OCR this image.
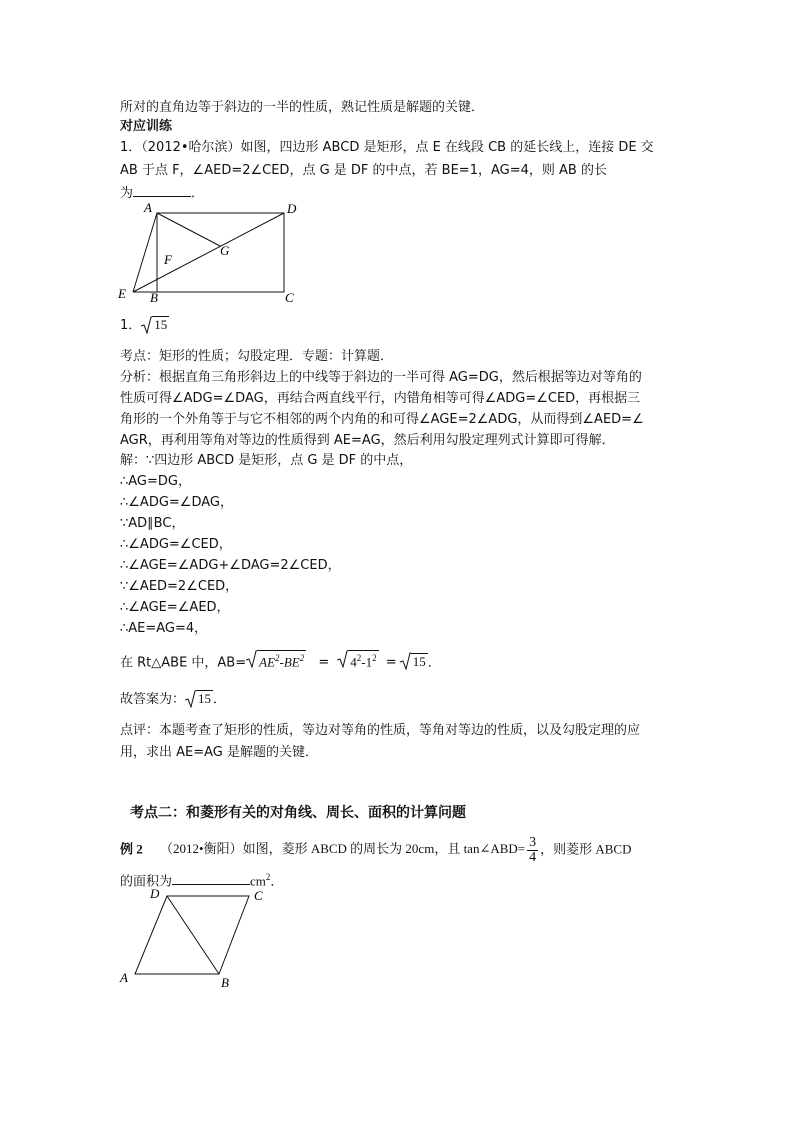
所对的直角边等于斜边的一半的性质，熟记性质是解题的关键．
对应训练
1．（2012•哈尔滨）如图，四边形 ABCD 是矩形，点 E 在线段 CB 的延长线上，连接 DE 交
AB 于点 F，∠AED=2∠CED，点 G 是 DF 的中点，若 BE=1，AG=4，则 AB 的长
为	．
A	D
G
F
E B	C
1． 15
考点：矩形的性质；勾股定理．专题：计算题．
分析：根据直角三角形斜边上的中线等于斜边的一半可得 AG=DG，然后根据等边对等角的
性质可得∠ADG=∠DAG，再结合两直线平行，内错角相等可得∠ADG=∠CED，再根据三
角形的一个外角等于与它不相邻的两个内角的和可得∠AGE=2∠ADG，从而得到∠AED=∠
AGR，再利用等角对等边的性质得到 AE=AG，然后利用勾股定理列式计算即可得解．
解：∵四边形 ABCD 是矩形，点 G 是 DF 的中点，
∴AG=DG，
∴∠ADG=∠DAG，
∵AD∥BC，
∴∠ADG=∠CED，
∴∠AGE=∠ADG+∠DAG=2∠CED，
∵∠AED=2∠CED，
∴∠AGE=∠AED，
∴AE=AG=4，
在 Rt△ABE 中，$AB= AE^2-BE^2 = 4^2-1^2 = 15$ ．
故答案为： 15 ．
点评：本题考查了矩形的性质，等边对等角的性质，等角对等边的性质，以及勾股定理的应
用，求出 AE=AG 是解题的关键．
考点二：和菱形有关的对角线、周长、面积的计算问题
例 2 （2012•衡阳）如图，菱形 ABCD 的周长为 20cm，且 tan∠ABD= $\frac{3}{4}$ ，则菱形 ABCD
的面积为	$cm^2$．
D	C
A	B
